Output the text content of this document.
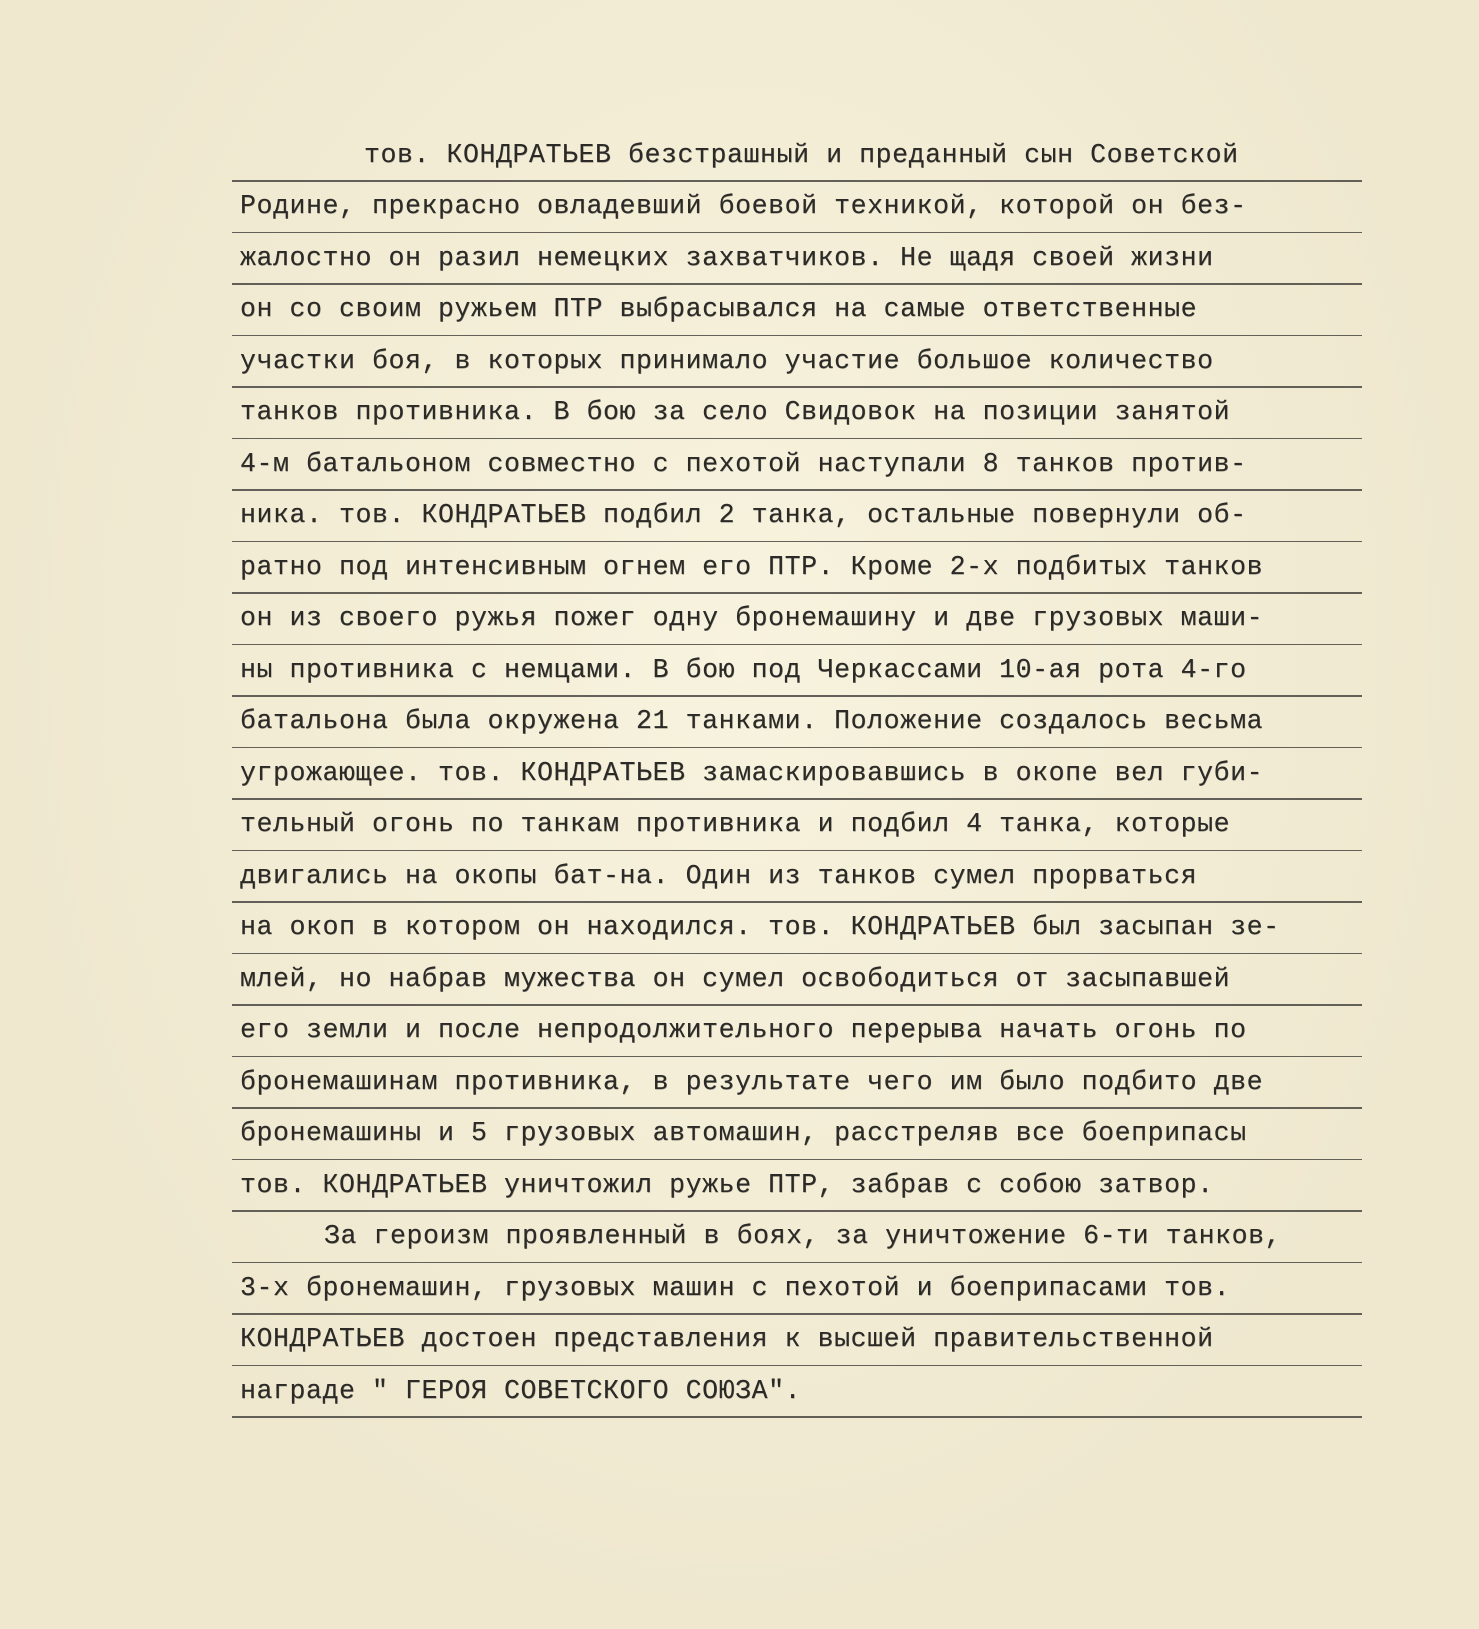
тов. КОНДРАТЬЕВ безстрашный и преданный сын Советской
Родине, прекрасно овладевший боевой техникой, которой он без-
жалостно он разил немецких захватчиков. Не щадя своей жизни
он со своим ружьем ПТР выбрасывался на самые ответственные
участки боя, в которых принимало участие большое количество
танков противника. В бою за село Свидовок на позиции занятой
4-м батальоном совместно с пехотой наступали 8 танков против-
ника. тов. КОНДРАТЬЕВ подбил 2 танка, остальные повернули об-
ратно под интенсивным огнем его ПТР. Кроме 2-х подбитых танков
он из своего ружья пожег одну бронемашину и две грузовых маши-
ны противника с немцами. В бою под Черкассами 10-ая рота 4-го
батальона была окружена 21 танками. Положение создалось весьма
угрожающее. тов. КОНДРАТЬЕВ замаскировавшись в окопе вел губи-
тельный огонь по танкам противника и подбил 4 танка, которые
двигались на окопы бат-на. Один из танков сумел прорваться
на окоп в котором он находился. тов. КОНДРАТЬЕВ был засыпан зе-
млей, но набрав мужества он сумел освободиться от засыпавшей
его земли и после непродолжительного перерыва начать огонь по
бронемашинам противника, в результате чего им было подбито две
бронемашины и 5 грузовых автомашин, расстреляв все боеприпасы
тов. КОНДРАТЬЕВ уничтожил ружье ПТР, забрав с собою затвор.
За героизм проявленный в боях, за уничтожение 6-ти танков,
3-х бронемашин, грузовых машин с пехотой и боеприпасами тов.
КОНДРАТЬЕВ достоен представления к высшей правительственной
награде " ГЕРОЯ СОВЕТСКОГО СОЮЗА".
